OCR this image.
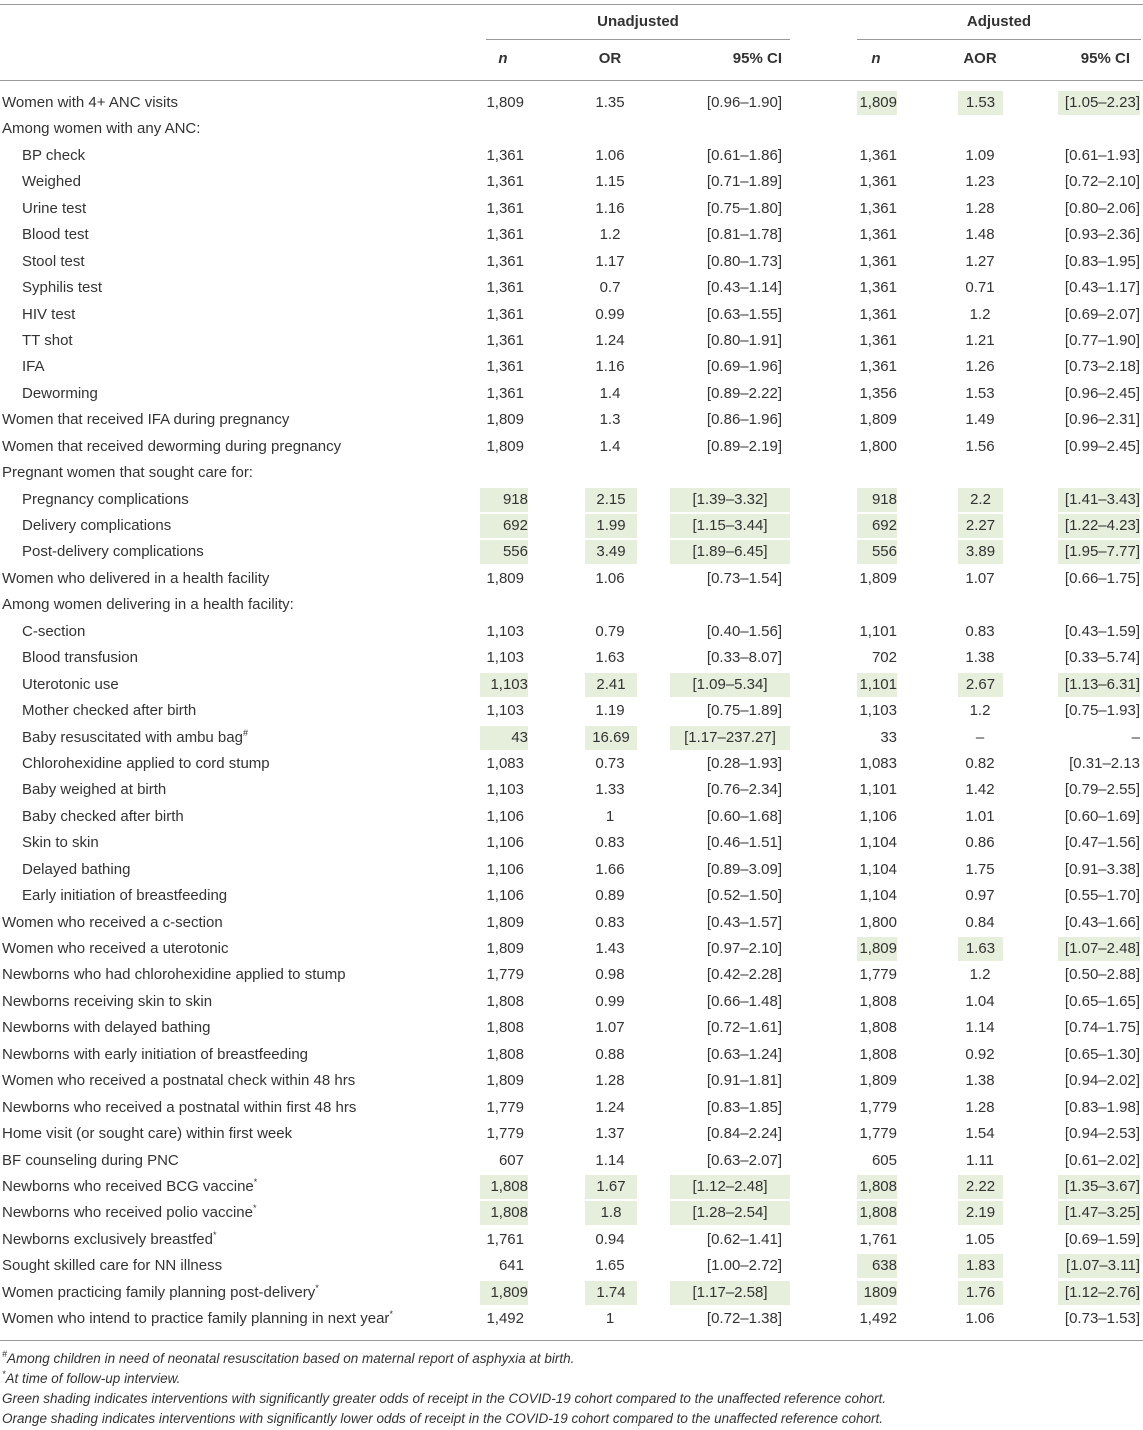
Unadjusted	Adjusted
n	OR	95% CI	n	AOR	95% CI
Women with 4+ ANC visits	1,809	1.35	[0.96–1.90]	1,809	1.53	[1.05–2.23]
Among women with any ANC:
BP check	1,361	1.06	[0.61–1.86]	1,361	1.09	[0.61–1.93]
Weighed	1,361	1.15	[0.71–1.89]	1,361	1.23	[0.72–2.10]
Urine test	1,361	1.16	[0.75–1.80]	1,361	1.28	[0.80–2.06]
Blood test	1,361	1.2	[0.81–1.78]	1,361	1.48	[0.93–2.36]
Stool test	1,361	1.17	[0.80–1.73]	1,361	1.27	[0.83–1.95]
Syphilis test	1,361	0.7	[0.43–1.14]	1,361	0.71	[0.43–1.17]
HIV test	1,361	0.99	[0.63–1.55]	1,361	1.2	[0.69–2.07]
TT shot	1,361	1.24	[0.80–1.91]	1,361	1.21	[0.77–1.90]
IFA	1,361	1.16	[0.69–1.96]	1,361	1.26	[0.73–2.18]
Deworming	1,361	1.4	[0.89–2.22]	1,356	1.53	[0.96–2.45]
Women that received IFA during pregnancy	1,809	1.3	[0.86–1.96]	1,809	1.49	[0.96–2.31]
Women that received deworming during pregnancy	1,809	1.4	[0.89–2.19]	1,800	1.56	[0.99–2.45]
Pregnant women that sought care for:
Pregnancy complications	918	2.15	[1.39–3.32]	918	2.2	[1.41–3.43]
Delivery complications	692	1.99	[1.15–3.44]	692	2.27	[1.22–4.23]
Post-delivery complications	556	3.49	[1.89–6.45]	556	3.89	[1.95–7.77]
Women who delivered in a health facility	1,809	1.06	[0.73–1.54]	1,809	1.07	[0.66–1.75]
Among women delivering in a health facility:
C-section	1,103	0.79	[0.40–1.56]	1,101	0.83	[0.43–1.59]
Blood transfusion	1,103	1.63	[0.33–8.07]	702	1.38	[0.33–5.74]
Uterotonic use	1,103	2.41	[1.09–5.34]	1,101	2.67	[1.13–6.31]
Mother checked after birth	1,103	1.19	[0.75–1.89]	1,103	1.2	[0.75–1.93]
Baby resuscitated with ambu bag#	43	16.69	[1.17–237.27]	33	–	–
Chlorohexidine applied to cord stump	1,083	0.73	[0.28–1.93]	1,083	0.82	[0.31–2.13
Baby weighed at birth	1,103	1.33	[0.76–2.34]	1,101	1.42	[0.79–2.55]
Baby checked after birth	1,106	1	[0.60–1.68]	1,106	1.01	[0.60–1.69]
Skin to skin	1,106	0.83	[0.46–1.51]	1,104	0.86	[0.47–1.56]
Delayed bathing	1,106	1.66	[0.89–3.09]	1,104	1.75	[0.91–3.38]
Early initiation of breastfeeding	1,106	0.89	[0.52–1.50]	1,104	0.97	[0.55–1.70]
Women who received a c-section	1,809	0.83	[0.43–1.57]	1,800	0.84	[0.43–1.66]
Women who received a uterotonic	1,809	1.43	[0.97–2.10]	1,809	1.63	[1.07–2.48]
Newborns who had chlorohexidine applied to stump	1,779	0.98	[0.42–2.28]	1,779	1.2	[0.50–2.88]
Newborns receiving skin to skin	1,808	0.99	[0.66–1.48]	1,808	1.04	[0.65–1.65]
Newborns with delayed bathing	1,808	1.07	[0.72–1.61]	1,808	1.14	[0.74–1.75]
Newborns with early initiation of breastfeeding	1,808	0.88	[0.63–1.24]	1,808	0.92	[0.65–1.30]
Women who received a postnatal check within 48 hrs	1,809	1.28	[0.91–1.81]	1,809	1.38	[0.94–2.02]
Newborns who received a postnatal within first 48 hrs	1,779	1.24	[0.83–1.85]	1,779	1.28	[0.83–1.98]
Home visit (or sought care) within first week	1,779	1.37	[0.84–2.24]	1,779	1.54	[0.94–2.53]
BF counseling during PNC	607	1.14	[0.63–2.07]	605	1.11	[0.61–2.02]
Newborns who received BCG vaccine*	1,808	1.67	[1.12–2.48]	1,808	2.22	[1.35–3.67]
Newborns who received polio vaccine*	1,808	1.8	[1.28–2.54]	1,808	2.19	[1.47–3.25]
Newborns exclusively breastfed*	1,761	0.94	[0.62–1.41]	1,761	1.05	[0.69–1.59]
Sought skilled care for NN illness	641	1.65	[1.00–2.72]	638	1.83	[1.07–3.11]
Women practicing family planning post-delivery*	1,809	1.74	[1.17–2.58]	1809	1.76	[1.12–2.76]
Women who intend to practice family planning in next year*	1,492	1	[0.72–1.38]	1,492	1.06	[0.73–1.53]
#Among children in need of neonatal resuscitation based on maternal report of asphyxia at birth.
*At time of follow-up interview.
Green shading indicates interventions with significantly greater odds of receipt in the COVID-19 cohort compared to the unaffected reference cohort.
Orange shading indicates interventions with significantly lower odds of receipt in the COVID-19 cohort compared to the unaffected reference cohort.
